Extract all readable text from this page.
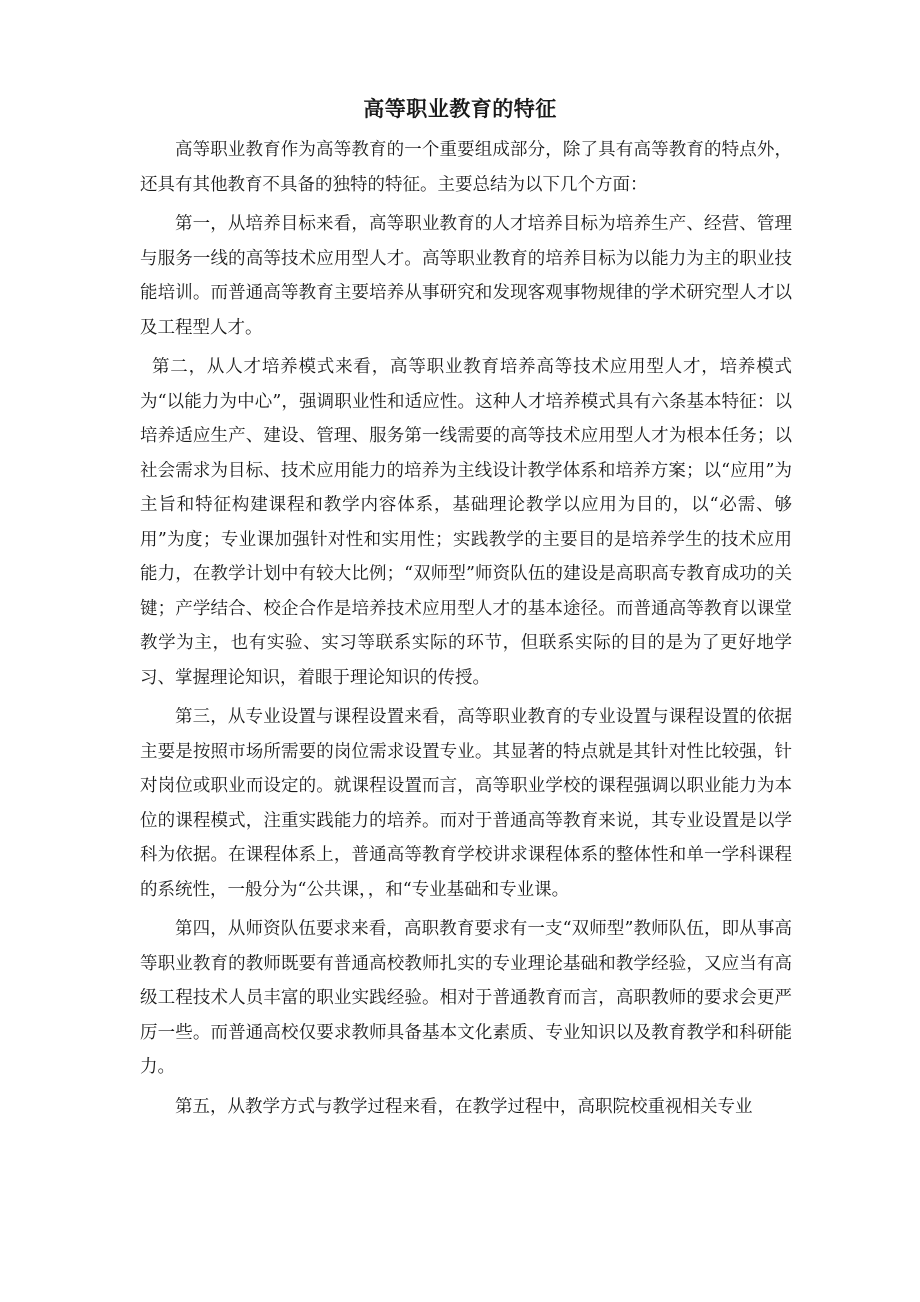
高等职业教育的特征

高等职业教育作为高等教育的一个重要组成部分，除了具有高等教育的特点外，还具有其他教育不具备的独特的特征。主要总结为以下几个方面：

第一，从培养目标来看，高等职业教育的人才培养目标为培养生产、经营、管理与服务一线的高等技术应用型人才。高等职业教育的培养目标为以能力为主的职业技能培训。而普通高等教育主要培养从事研究和发现客观事物规律的学术研究型人才以及工程型人才。

第二，从人才培养模式来看，高等职业教育培养高等技术应用型人才，培养模式为“以能力为中心”，强调职业性和适应性。这种人才培养模式具有六条基本特征：以培养适应生产、建设、管理、服务第一线需要的高等技术应用型人才为根本任务；以社会需求为目标、技术应用能力的培养为主线设计教学体系和培养方案；以“应用”为主旨和特征构建课程和教学内容体系，基础理论教学以应用为目的，以“必需、够用”为度；专业课加强针对性和实用性；实践教学的主要目的是培养学生的技术应用能力，在教学计划中有较大比例；“双师型”师资队伍的建设是高职高专教育成功的关键；产学结合、校企合作是培养技术应用型人才的基本途径。而普通高等教育以课堂教学为主，也有实验、实习等联系实际的环节，但联系实际的目的是为了更好地学习、掌握理论知识，着眼于理论知识的传授。

第三，从专业设置与课程设置来看，高等职业教育的专业设置与课程设置的依据主要是按照市场所需要的岗位需求设置专业。其显著的特点就是其针对性比较强，针对岗位或职业而设定的。就课程设置而言，高等职业学校的课程强调以职业能力为本位的课程模式，注重实践能力的培养。而对于普通高等教育来说，其专业设置是以学科为依据。在课程体系上，普通高等教育学校讲求课程体系的整体性和单一学科课程的系统性，一般分为“公共课，，和“专业基础和专业课。

第四，从师资队伍要求来看，高职教育要求有一支“双师型”教师队伍，即从事高等职业教育的教师既要有普通高校教师扎实的专业理论基础和教学经验，又应当有高级工程技术人员丰富的职业实践经验。相对于普通教育而言，高职教师的要求会更严厉一些。而普通高校仅要求教师具备基本文化素质、专业知识以及教育教学和科研能力。

第五，从教学方式与教学过程来看，在教学过程中，高职院校重视相关专业
